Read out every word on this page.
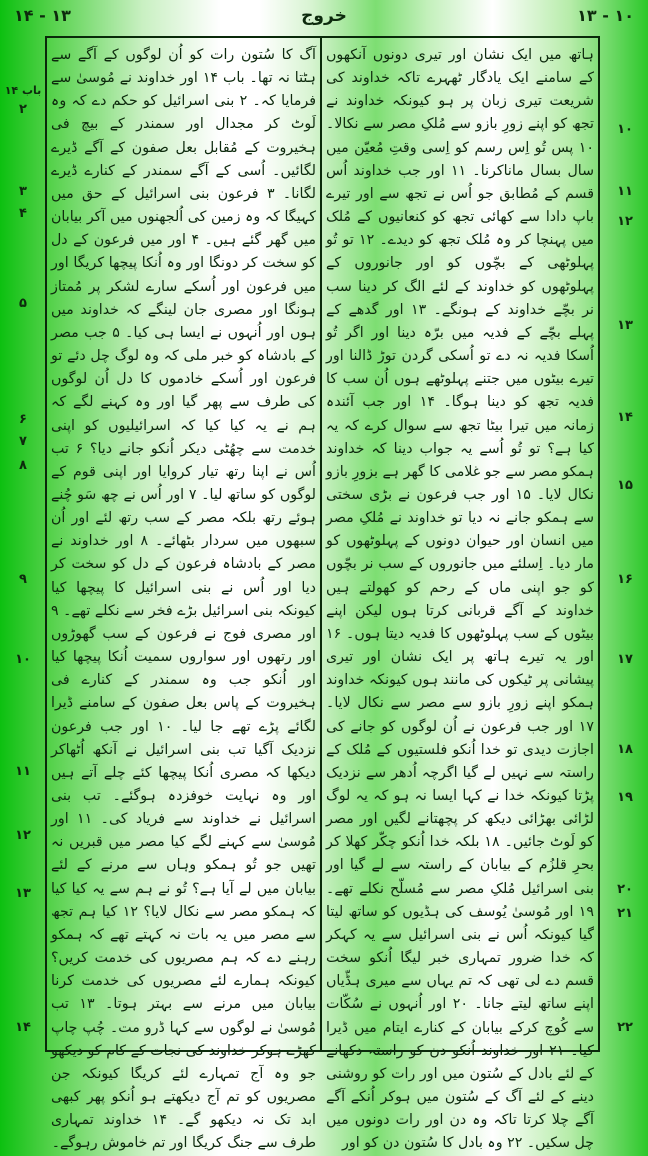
۱۴ - ۱۳	خروج	۱۳ - ۱۰

ہاتھ میں ایک نشان اور تیری دونوں آنکھوں کے سامنے ایک یادگار ٹھہرے تاکہ خداوند کی شریعت تیری زبان پر ہو کیونکہ خداوند نے تجھ کو اپنے زورِ بازو سے مُلکِ مصر سے نکالا۔ ۱۰ پس تُو اِس رسم کو اِسی وقتِ مُعیّن میں سال بسال ماناکرنا۔ ۱۱ اور جب خداوند اُس قسم کے مُطابق جو اُس نے تجھ سے اور تیرے باپ دادا سے کھائی تجھ کو کنعانیوں کے مُلک میں پہنچا کر وہ مُلک تجھ کو دیدے۔ ۱۲ تو تُو پہلوٹھی کے بچّوں کو اور جانوروں کے پہلوٹھوں کو خداوند کے لئے الگ کر دینا سب نر بچّے خداوند کے ہونگے۔ ۱۳ اور گدھے کے پہلے بچّے کے فدیہ میں برّہ دینا اور اگر تُو اُسکا فدیہ نہ دے تو اُسکی گردن توڑ ڈالنا اور تیرے بیٹوں میں جتنے پہلوٹھے ہوں اُن سب کا فدیہ تجھ کو دینا ہوگا۔ ۱۴ اور جب آئندہ زمانہ میں تیرا بیٹا تجھ سے سوال کرے کہ یہ کیا ہے؟ تو تُو اُسے یہ جواب دینا کہ خداوند ہمکو مصر سے جو غلامی کا گھر ہے بزورِ بازو نکال لایا۔ ۱۵ اور جب فرعون نے بڑی سختی سے ہمکو جانے نہ دیا تو خداوند نے مُلکِ مصر میں انسان اور حیوان دونوں کے پہلوٹھوں کو مار دیا۔ اِسلئے میں جانوروں کے سب نر بچّوں کو جو اپنی ماں کے رحم کو کھولتے ہیں خداوند کے آگے قربانی کرتا ہوں لیکن اپنے بیٹوں کے سب پہلوٹھوں کا فدیہ دیتا ہوں۔ ۱۶ اور یہ تیرے ہاتھ پر ایک نشان اور تیری پیشانی پر ٹیکوں کی مانند ہوں کیونکہ خداوند ہمکو اپنے زورِ بازو سے مصر سے نکال لایا۔ ۱۷ اور جب فرعون نے اُن لوگوں کو جانے کی اجازت دیدی تو خدا اُنکو فلستیوں کے مُلک کے راستہ سے نہیں لے گیا اگرچہ اُدھر سے نزدیک پڑتا کیونکہ خدا نے کہا ایسا نہ ہو کہ یہ لوگ لڑائی بھڑائی دیکھ کر پچھتانے لگیں اور مصر کو لَوٹ جائیں۔ ۱۸ بلکہ خدا اُنکو چکّر کھلا کر بحرِ قلزُم کے بیابان کے راستہ سے لے گیا اور بنی اسرائیل مُلکِ مصر سے مُسلّح نکلے تھے۔ ۱۹ اور مُوسیٰ یُوسف کی ہڈیوں کو ساتھ لیتا گیا کیونکہ اُس نے بنی اسرائیل سے یہ کہکر کہ خدا ضرور تمہاری خبر لیگا اُنکو سخت قسم دے لی تھی کہ تم یہاں سے میری ہڈّیاں اپنے ساتھ لیتے جانا۔ ۲۰ اور اُنہوں نے سُکّات سے کُوچ کرکے بیابان کے کنارے ایتام میں ڈیرا کیا۔ ۲۱ اور خداوند اُنکو دن کو راستہ دکھانے کے لئے بادل کے سُتون میں اور رات کو روشنی دینے کے لئے آگ کے سُتون میں ہوکر اُنکے آگے آگے چلا کرتا تاکہ وہ دن اور رات دونوں میں چل سکیں۔ ۲۲ وہ بادل کا سُتون دن کو اور

آگ کا سُتون رات کو اُن لوگوں کے آگے سے ہٹتا نہ تھا۔ باب ۱۴ اور خداوند نے مُوسیٰ سے فرمایا کہ۔ ۲ بنی اسرائیل کو حکم دے کہ وہ لَوٹ کر مجدال اور سمندر کے بیچ فی ہخیروت کے مُقابل بعل صفون کے آگے ڈیرے لگائیں۔ اُسی کے آگے سمندر کے کنارے ڈیرے لگانا۔ ۳ فرعون بنی اسرائیل کے حق میں کہیگا کہ وہ زمین کی اُلجھنوں میں آکر بیابان میں گھر گئے ہیں۔ ۴ اور میں فرعون کے دل کو سخت کر دونگا اور وہ اُنکا پیچھا کریگا اور میں فرعون اور اُسکے سارے لشکر پر مُمتاز ہونگا اور مصری جان لینگے کہ خداوند میں ہوں اور اُنہوں نے ایسا ہی کیا۔ ۵ جب مصر کے بادشاہ کو خبر ملی کہ وہ لوگ چل دئے تو فرعون اور اُسکے خادموں کا دل اُن لوگوں کی طرف سے پھر گیا اور وہ کہنے لگے کہ ہم نے یہ کیا کیا کہ اسرائیلیوں کو اپنی خدمت سے چھُٹی دیکر اُنکو جانے دیا؟ ۶ تب اُس نے اپنا رتھ تیار کروایا اور اپنی قوم کے لوگوں کو ساتھ لیا۔ ۷ اور اُس نے چھ سَو چُنے ہوئے رتھ بلکہ مصر کے سب رتھ لئے اور اُن سبھوں میں سردار بٹھائے۔ ۸ اور خداوند نے مصر کے بادشاہ فرعون کے دل کو سخت کر دیا اور اُس نے بنی اسرائیل کا پیچھا کیا کیونکہ بنی اسرائیل بڑے فخر سے نکلے تھے۔ ۹ اور مصری فوج نے فرعون کے سب گھوڑوں اور رتھوں اور سواروں سمیت اُنکا پیچھا کیا اور اُنکو جب وہ سمندر کے کنارے فی ہخیروت کے پاس بعل صفون کے سامنے ڈیرا لگائے پڑے تھے جا لیا۔ ۱۰ اور جب فرعون نزدیک آگیا تب بنی اسرائیل نے آنکھ اُٹھاکر دیکھا کہ مصری اُنکا پیچھا کئے چلے آتے ہیں اور وہ نہایت خوفزدہ ہوگئے۔ تب بنی اسرائیل نے خداوند سے فریاد کی۔ ۱۱ اور مُوسیٰ سے کہنے لگے کیا مصر میں قبریں نہ تھیں جو تُو ہمکو وہاں سے مرنے کے لئے بیابان میں لے آیا ہے؟ تُو نے ہم سے یہ کیا کیا کہ ہمکو مصر سے نکال لایا؟ ۱۲ کیا ہم تجھ سے مصر میں یہ بات نہ کہتے تھے کہ ہمکو رہنے دے کہ ہم مصریوں کی خدمت کریں؟ کیونکہ ہمارے لئے مصریوں کی خدمت کرنا بیابان میں مرنے سے بہتر ہوتا۔ ۱۳ تب مُوسیٰ نے لوگوں سے کہا ڈرو مت۔ چُپ چاپ کھڑے ہوکر خداوند کی نجات کے کام کو دیکھو جو وہ آج تمہارے لئے کریگا کیونکہ جن مصریوں کو تم آج دیکھتے ہو اُنکو پھر کبھی ابد تک نہ دیکھو گے۔ ۱۴ خداوند تمہاری طرف سے جنگ کریگا اور تم خاموش رہوگے۔

۱۰
۱۱
۱۲
۱۳
۱۴
۱۵
۱۶
۱۷
۱۸
۱۹
۲۰
۲۱
۲۲
باب ۱۴
۲
۳
۴
۵
۶
۷
۸
۹
۱۰
۱۱
۱۲
۱۳
۱۴
